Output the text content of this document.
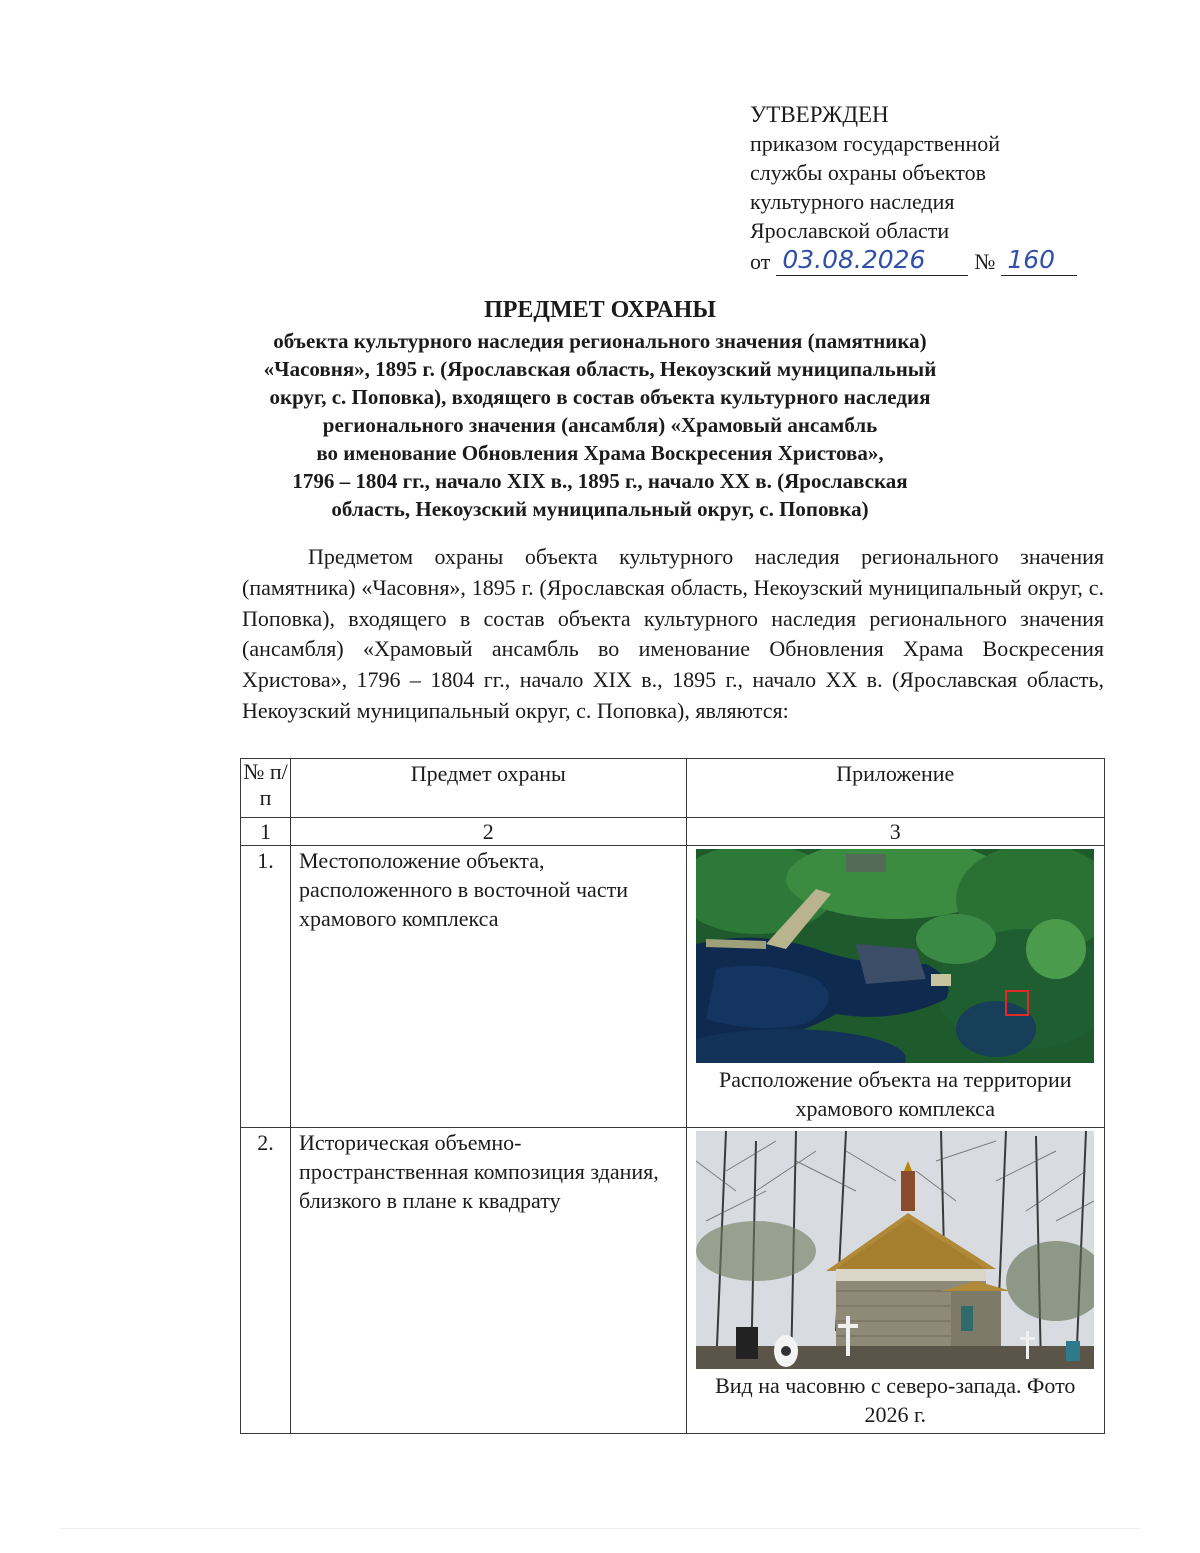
УТВЕРЖДЕН
приказом государственной
службы охраны объектов
культурного наследия
Ярославской области
от 03.08.2026	№ 160
ПРЕДМЕТ ОХРАНЫ
объекта культурного наследия регионального значения (памятника)
«Часовня», 1895 г. (Ярославская область, Некоузский муниципальный
округ, с. Поповка), входящего в состав объекта культурного наследия
регионального значения (ансамбля) «Храмовый ансамбль
во именование Обновления Храма Воскресения Христова»,
1796 – 1804 гг., начало XIX в., 1895 г., начало XX в. (Ярославская
область, Некоузский муниципальный округ, с. Поповка)

Предметом охраны объекта культурного наследия регионального значения (памятника) «Часовня», 1895 г. (Ярославская область, Некоузский муниципальный округ, с. Поповка), входящего в состав объекта культурного наследия регионального значения (ансамбля) «Храмовый ансамбль во именование Обновления Храма Воскресения Христова», 1796 – 1804 гг., начало XIX в., 1895 г., начало XX в. (Ярославская область, Некоузский муниципальный округ, с. Поповка), являются:

№ п/п	Предмет охраны	Приложение
1	2	3
1.	Местоположение объекта, расположенного в восточной части храмового комплекса	Расположение объекта на территории храмового комплекса

2.	Историческая объемно-пространственная композиция здания, близкого в плане к квадрату	Вид на часовню с северо-запада. Фото 2026 г.
